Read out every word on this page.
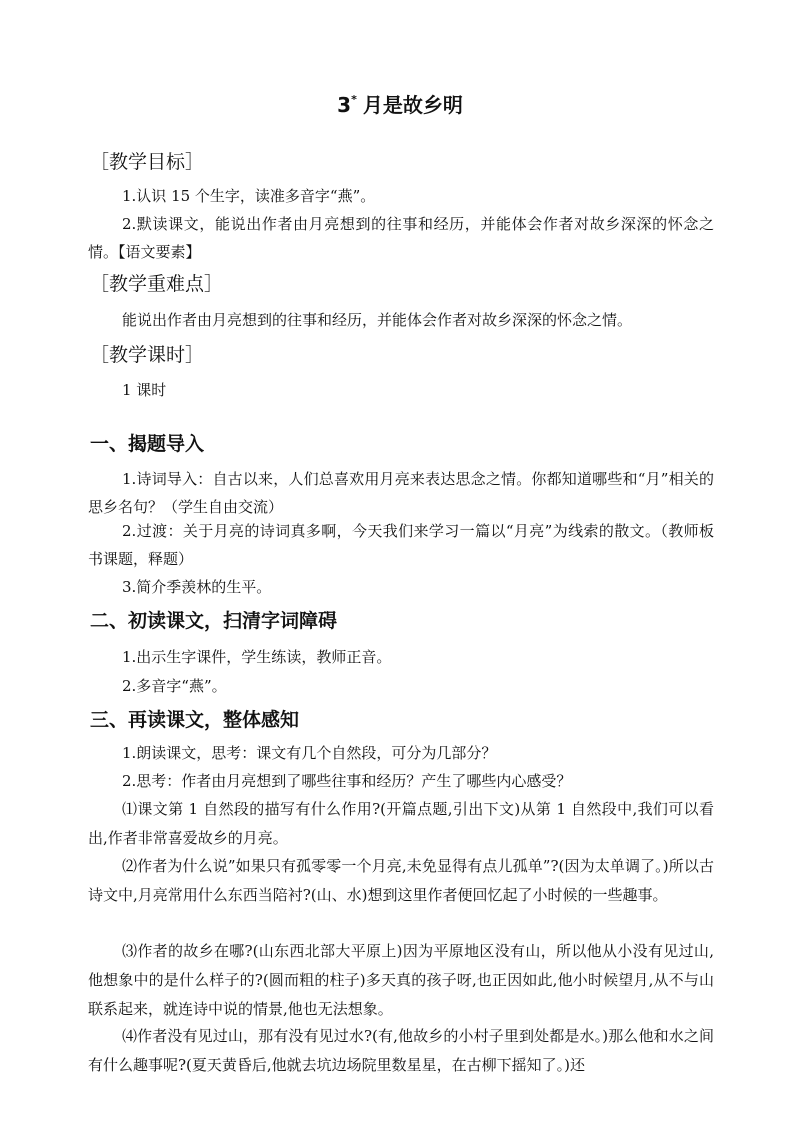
3* 月是故乡明
［教学目标］
1.认识 15 个生字，读准多音字“燕”。
2.默读课文，能说出作者由月亮想到的往事和经历，并能体会作者对故乡深深的怀念之情。【语文要素】
［教学重难点］
能说出作者由月亮想到的往事和经历，并能体会作者对故乡深深的怀念之情。
［教学课时］
1 课时
一、揭题导入
1.诗词导入：自古以来，人们总喜欢用月亮来表达思念之情。你都知道哪些和“月”相关的思乡名句？（学生自由交流）
2.过渡：关于月亮的诗词真多啊，今天我们来学习一篇以“月亮”为线索的散文。（教师板书课题，释题）
3.简介季羡林的生平。
二、初读课文，扫清字词障碍
1.出示生字课件，学生练读，教师正音。
2.多音字“燕”。
三、再读课文，整体感知
1.朗读课文，思考：课文有几个自然段，可分为几部分？
2.思考：作者由月亮想到了哪些往事和经历？产生了哪些内心感受？
⑴课文第 1 自然段的描写有什么作用?(开篇点题,引出下文)从第 1 自然段中,我们可以看出,作者非常喜爱故乡的月亮。
⑵作者为什么说”如果只有孤零零一个月亮,未免显得有点儿孤单”?(因为太单调了。)所以古诗文中,月亮常用什么东西当陪衬?(山、水)想到这里作者便回忆起了小时候的一些趣事。
⑶作者的故乡在哪?(山东西北部大平原上)因为平原地区没有山，所以他从小没有见过山,他想象中的是什么样子的?(圆而粗的柱子)多天真的孩子呀,也正因如此,他小时候望月,从不与山联系起来，就连诗中说的情景,他也无法想象。
⑷作者没有见过山，那有没有见过水?(有,他故乡的小村子里到处都是水。)那么他和水之间有什么趣事呢?(夏天黄昏后,他就去坑边场院里数星星，在古柳下摇知了。)还
